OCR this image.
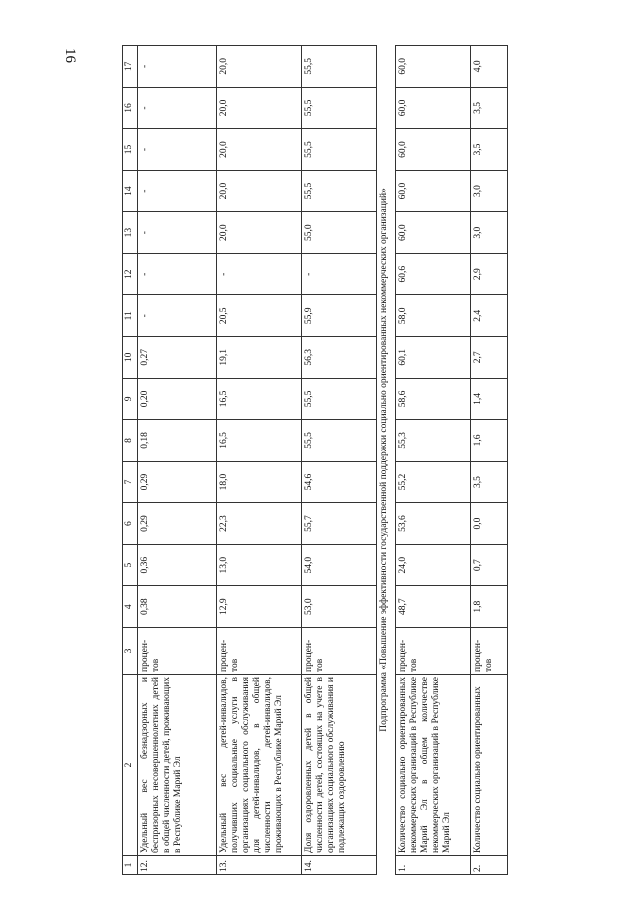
16
1	2	3	4	5	6	7	8	9	10	11	12	13	14	15	16	17
12.	Удельный вес безнадзорных и беспризорных несовершеннолетних детей в общей численности детей, проживающих в Республике Марий Эл	процен-тов	0,38	0,36	0,29	0,29	0,18	0,20	0,27	-	-	-	-	-	-	-
13.	Удельный вес детей-инвалидов, получивших социальные услуги в организациях социального обслуживания для детей-инвалидов, в общей численности детей-инвалидов, проживающих в Республике Марий Эл	процен-тов	12,9	13,0	22,3	18,0	16,5	16,5	19,1	20,5	-	20,0	20,0	20,0	20,0	20,0
14.	Доля оздоровленных детей в общей численности детей, состоящих на учете в организациях социального обслуживания и подлежащих оздоровлению	процен-тов	53,0	54,0	55,7	54,6	55,5	55,5	56,3	55,9	-	55,0	55,5	55,5	55,5	55,5
Подпрограмма «Повышение эффективности государственной поддержки социально ориентированных некоммерческих организаций»																
1.	Количество социально ориентированных некоммерческих организаций в Республике Марий Эл в общем количестве некоммерческих организаций в Республике Марий Эл	процен-тов	48,7	24,0	53,6	55,2	55,3	58,6	60,1	58,0	60,6	60,0	60,0	60,0	60,0	60,0
2.	Количество социально ориентированных	процен-тов	1,8	0,7	0,0	3,5	1,6	1,4	2,7	2,4	2,9	3,0	3,0	3,5	3,5	4,0
